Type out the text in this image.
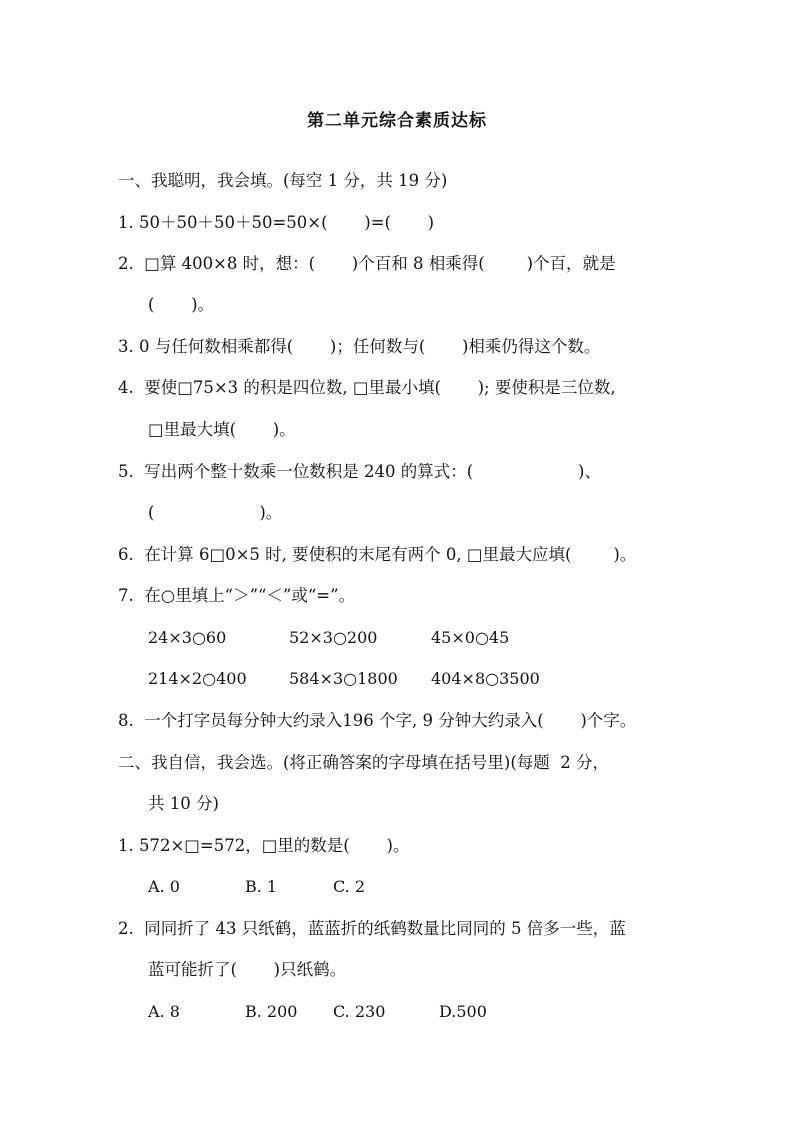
第二单元综合素质达标
一、我聪明，我会填。(每空 1 分，共 19 分)
1. 50＋50＋50＋50=50×(       )=(       )
2.  □算 400×8 时，想：(       )个百和 8 相乘得(        )个百，就是
(       )。
3. 0 与任何数相乘都得(       )；任何数与(       )相乘仍得这个数。
4.  要使□75×3 的积是四位数, □里最小填(       ); 要使积是三位数,
□里最大填(       )。
5.  写出两个整十数乘一位数积是 240 的算式：(                    )、
(                    )。
6.  在计算 6□0×5 时, 要使积的末尾有两个 0, □里最大应填(        )。
7.  在○里填上“＞”“＜”或“=”。
24×3○60	52×3○200	45×0○45
214×2○400	584×3○1800 404×8○3500
8.  一个打字员每分钟大约录入196 个字, 9 分钟大约录入(       )个字。
二、我自信，我会选。(将正确答案的字母填在括号里)(每题  2 分，
共 10 分)
1. 572×□=572，□里的数是(       )。
A. 0	B. 1	C. 2
2.  同同折了 43 只纸鹤，蓝蓝折的纸鹤数量比同同的 5 倍多一些，蓝
蓝可能折了(       )只纸鹤。
A. 8	B. 200 C. 230	D.500
